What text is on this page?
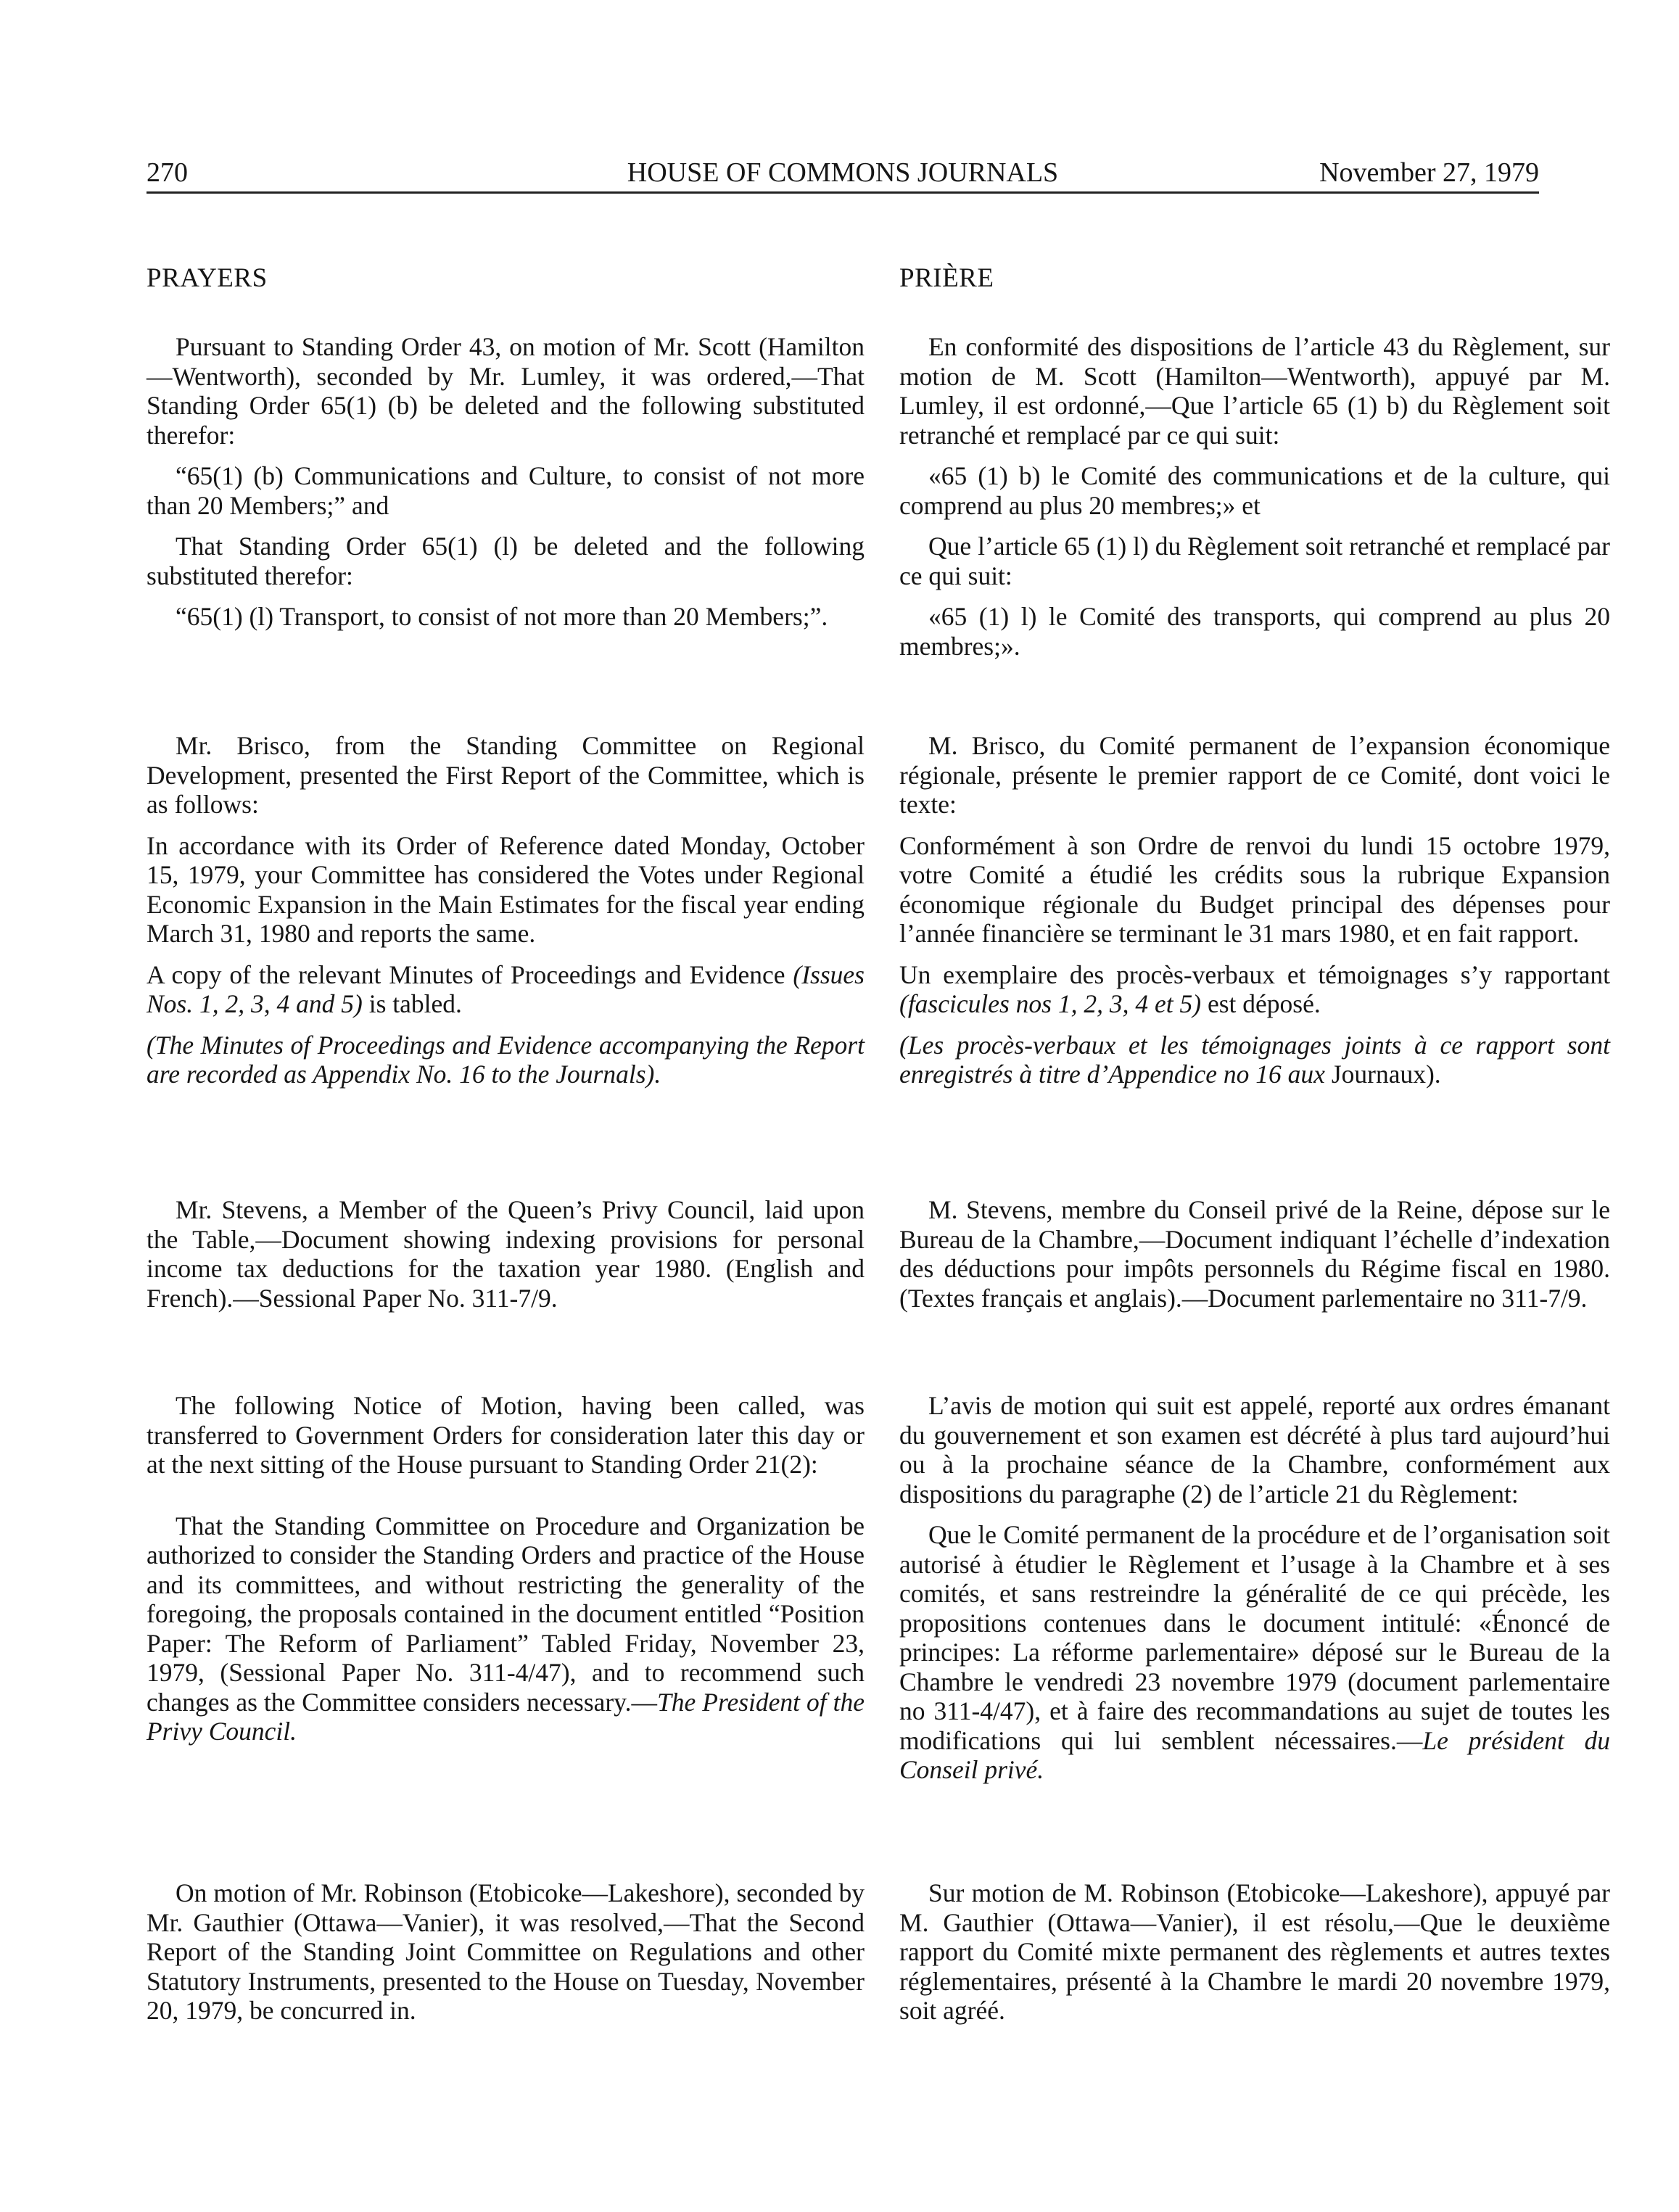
270	HOUSE OF COMMONS JOURNALS	November 27, 1979

PRAYERS

Pursuant to Standing Order 43, on motion of Mr. Scott (Hamilton—Wentworth), seconded by Mr. Lumley, it was ordered,—That Standing Order 65(1) (b) be deleted and the following substituted therefor:

“65(1) (b) Communications and Culture, to consist of not more than 20 Members;” and

That Standing Order 65(1) (l) be deleted and the following substituted therefor:

“65(1) (l) Transport, to consist of not more than 20 Members;”.

Mr. Brisco, from the Standing Committee on Regional Development, presented the First Report of the Committee, which is as follows:

In accordance with its Order of Reference dated Monday, October 15, 1979, your Committee has considered the Votes under Regional Economic Expansion in the Main Estimates for the fiscal year ending March 31, 1980 and reports the same.

A copy of the relevant Minutes of Proceedings and Evidence (Issues Nos. 1, 2, 3, 4 and 5) is tabled.

(The Minutes of Proceedings and Evidence accompanying the Report are recorded as Appendix No. 16 to the Journals).

Mr. Stevens, a Member of the Queen’s Privy Council, laid upon the Table,—Document showing indexing provisions for personal income tax deductions for the taxation year 1980. (English and French).—Sessional Paper No. 311-7/9.

The following Notice of Motion, having been called, was transferred to Government Orders for consideration later this day or at the next sitting of the House pursuant to Standing Order 21(2):

That the Standing Committee on Procedure and Organization be authorized to consider the Standing Orders and practice of the House and its committees, and without restricting the generality of the foregoing, the proposals contained in the document entitled “Position Paper: The Reform of Parliament” Tabled Friday, November 23, 1979, (Sessional Paper No. 311-4/47), and to recommend such changes as the Committee considers necessary.—The President of the Privy Council.

On motion of Mr. Robinson (Etobicoke—Lakeshore), seconded by Mr. Gauthier (Ottawa—Vanier), it was resolved,—That the Second Report of the Standing Joint Committee on Regulations and other Statutory Instruments, presented to the House on Tuesday, November 20, 1979, be concurred in.

PRIÈRE

En conformité des dispositions de l’article 43 du Règlement, sur motion de M. Scott (Hamilton—Wentworth), appuyé par M. Lumley, il est ordonné,—Que l’article 65 (1) b) du Règlement soit retranché et remplacé par ce qui suit:

«65 (1) b) le Comité des communications et de la culture, qui comprend au plus 20 membres;» et

Que l’article 65 (1) l) du Règlement soit retranché et remplacé par ce qui suit:

«65 (1) l) le Comité des transports, qui comprend au plus 20 membres;».

M. Brisco, du Comité permanent de l’expansion économique régionale, présente le premier rapport de ce Comité, dont voici le texte:

Conformément à son Ordre de renvoi du lundi 15 octobre 1979, votre Comité a étudié les crédits sous la rubrique Expansion économique régionale du Budget principal des dépenses pour l’année financière se terminant le 31 mars 1980, et en fait rapport.

Un exemplaire des procès-verbaux et témoignages s’y rapportant (fascicules nos 1, 2, 3, 4 et 5) est déposé.

(Les procès-verbaux et les témoignages joints à ce rapport sont enregistrés à titre d’Appendice no 16 aux Journaux).

M. Stevens, membre du Conseil privé de la Reine, dépose sur le Bureau de la Chambre,—Document indiquant l’échelle d’indexation des déductions pour impôts personnels du Régime fiscal en 1980. (Textes français et anglais).—Document parlementaire no 311-7/9.

L’avis de motion qui suit est appelé, reporté aux ordres émanant du gouvernement et son examen est décrété à plus tard aujourd’hui ou à la prochaine séance de la Chambre, conformément aux dispositions du paragraphe (2) de l’article 21 du Règlement:

Que le Comité permanent de la procédure et de l’organisation soit autorisé à étudier le Règlement et l’usage à la Chambre et à ses comités, et sans restreindre la généralité de ce qui précède, les propositions contenues dans le document intitulé: «Énoncé de principes: La réforme parlementaire» déposé sur le Bureau de la Chambre le vendredi 23 novembre 1979 (document parlementaire no 311-4/47), et à faire des recommandations au sujet de toutes les modifications qui lui semblent nécessaires.—Le président du Conseil privé.

Sur motion de M. Robinson (Etobicoke—Lakeshore), appuyé par M. Gauthier (Ottawa—Vanier), il est résolu,—Que le deuxième rapport du Comité mixte permanent des règlements et autres textes réglementaires, présenté à la Chambre le mardi 20 novembre 1979, soit agréé.
